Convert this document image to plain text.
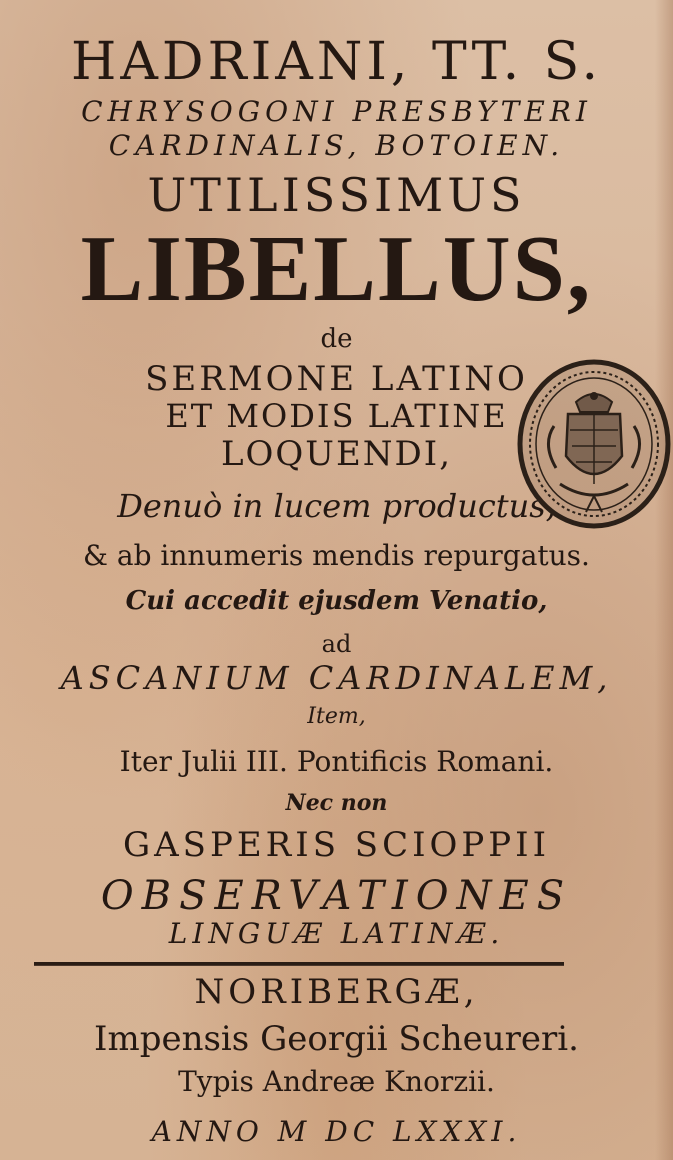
HADRIANI, TT. S.

CHRYSOGONI PRESBYTERI

CARDINALIS, BOTOIEN.

UTILISSIMUS

LIBELLUS,

de

SERMONE LATINO

ET MODIS LATINE

LOQUENDI,

Denuò in lucem productus,

& ab innumeris mendis repurgatus.

Cui accedit ejusdem Venatio,

ad

ASCANIUM CARDINALEM,

Item,

Iter Julii III. Pontificis Romani.

Nec non

GASPERIS SCIOPPII

OBSERVATIONES

LINGUÆ LATINÆ.

NORIBERGÆ,

Impensis Georgii Scheureri.

Typis Andreæ Knorzii.

ANNO M DC LXXXI.
